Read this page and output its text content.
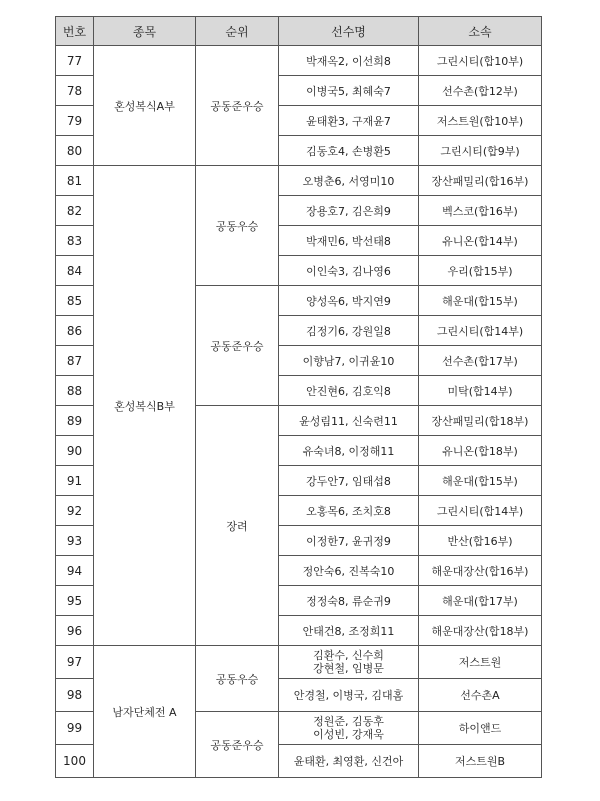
번호	종목	순위	선수명	소속
77	혼성복식A부	공동준우승	박재옥2, 이선희8	그린시티(합10부)
78			이병국5, 최혜숙7	선수촌(합12부)
79			윤태환3, 구재윤7	저스트원(합10부)
80			김동호4, 손병환5	그린시티(합9부)
81	혼성복식B부	공동우승	오병춘6, 서영미10	장산패밀리(합16부)
82			장용호7, 김은희9	벡스코(합16부)
83			박재민6, 박선태8	유니온(합14부)
84			이인숙3, 김나영6	우리(합15부)
85		공동준우승	양성옥6, 박지연9	해운대(합15부)
86			김정기6, 강원일8	그린시티(합14부)
87			이향남7, 이귀윤10	선수촌(합17부)
88			안진현6, 김호익8	미탁(합14부)
89		장려	윤성림11, 신숙련11	장산패밀리(합18부)
90			유숙녀8, 이정해11	유니온(합18부)
91			강두안7, 임태섭8	해운대(합15부)
92			오홍목6, 조치호8	그린시티(합14부)
93			이정한7, 윤귀정9	반산(합16부)
94			정안숙6, 진복숙10	해운대장산(합16부)
95			정정숙8, 류순귀9	해운대(합17부)
96			안태건8, 조정희11	해운대장산(합18부)
97	남자단체전 A	공동우승	김환수, 신수희
강현철, 임병문	저스트원
98			안경철, 이병국, 김대홈	선수촌A
99		공동준우승	정원준, 김동후
이성빈, 강재욱	하이앤드
100			윤태환, 최영환, 신건아	저스트원B
